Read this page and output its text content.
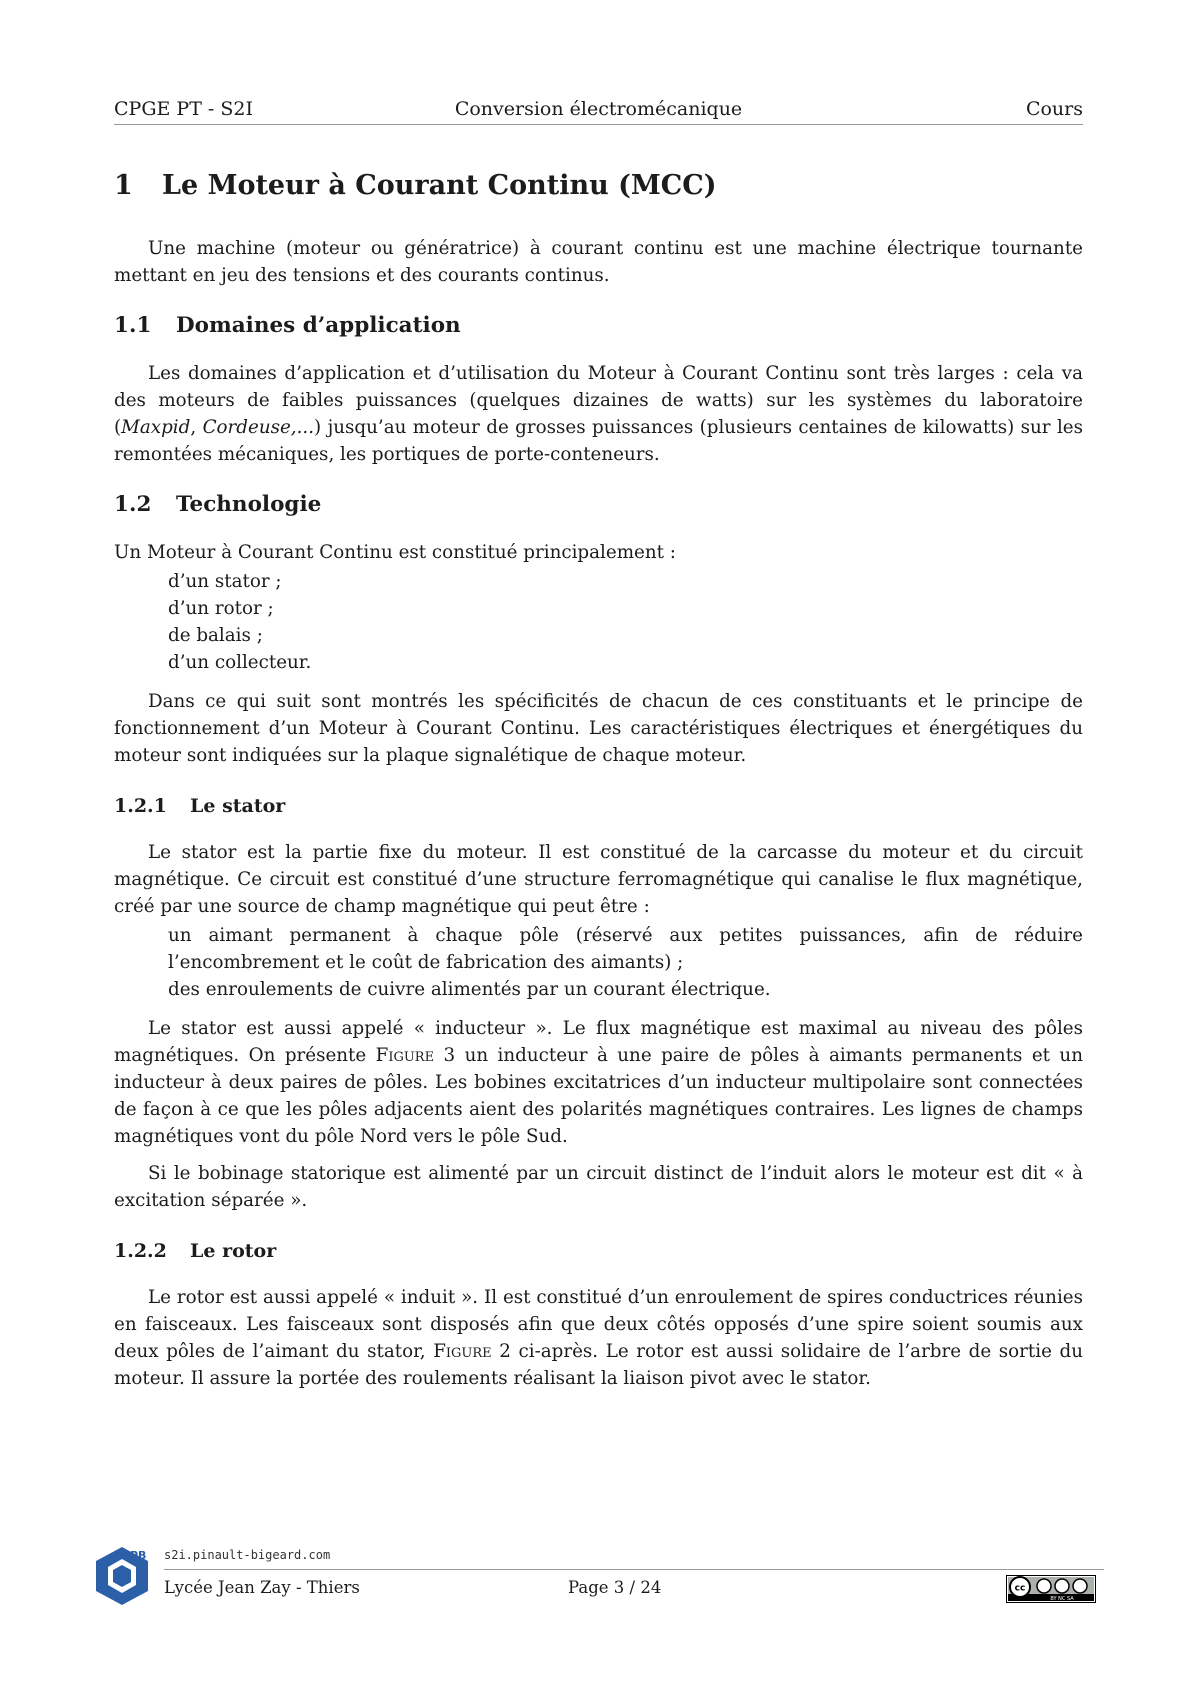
CPGE PT - S2I	Conversion électromécanique	Cours
1 Le Moteur à Courant Continu (MCC)

Une machine (moteur ou génératrice) à courant continu est une machine électrique tournante mettant en jeu des tensions et des courants continus.

1.1 Domaines d’application

Les domaines d’application et d’utilisation du Moteur à Courant Continu sont très larges : cela va des moteurs de faibles puissances (quelques dizaines de watts) sur les systèmes du laboratoire (Maxpid, Cordeuse,...) jusqu’au moteur de grosses puissances (plusieurs centaines de kilowatts) sur les remontées mécaniques, les portiques de porte-conteneurs.

1.2 Technologie

Un Moteur à Courant Continu est constitué principalement :

d’un stator ;
d’un rotor ;
de balais ;
d’un collecteur.

Dans ce qui suit sont montrés les spécificités de chacun de ces constituants et le principe de fonctionnement d’un Moteur à Courant Continu. Les caractéristiques électriques et énergétiques du moteur sont indiquées sur la plaque signalétique de chaque moteur.

1.2.1 Le stator

Le stator est la partie fixe du moteur. Il est constitué de la carcasse du moteur et du circuit magnétique. Ce circuit est constitué d’une structure ferromagnétique qui canalise le flux magnétique, créé par une source de champ magnétique qui peut être :

un aimant permanent à chaque pôle (réservé aux petites puissances, afin de réduire l’encombrement et le coût de fabrication des aimants) ;
des enroulements de cuivre alimentés par un courant électrique.

Le stator est aussi appelé « inducteur ». Le flux magnétique est maximal au niveau des pôles magnétiques. On présente Figure 3 un inducteur à une paire de pôles à aimants permanents et un inducteur à deux paires de pôles. Les bobines excitatrices d’un inducteur multipolaire sont connectées de façon à ce que les pôles adjacents aient des polarités magnétiques contraires. Les lignes de champs magnétiques vont du pôle Nord vers le pôle Sud.

Si le bobinage statorique est alimenté par un circuit distinct de l’induit alors le moteur est dit « à excitation séparée ».

1.2.2 Le rotor

Le rotor est aussi appelé « induit ». Il est constitué d’un enroulement de spires conductrices réunies en faisceaux. Les faisceaux sont disposés afin que deux côtés opposés d’une spire soient soumis aux deux pôles de l’aimant du stator, Figure 2 ci-après. Le rotor est aussi solidaire de l’arbre de sortie du moteur. Il assure la portée des roulements réalisant la liaison pivot avec le stator.

PB s2i.pinault-bigeard.com
Lycée Jean Zay - Thiers	Page 3 / 24	cc
BY NC SA
